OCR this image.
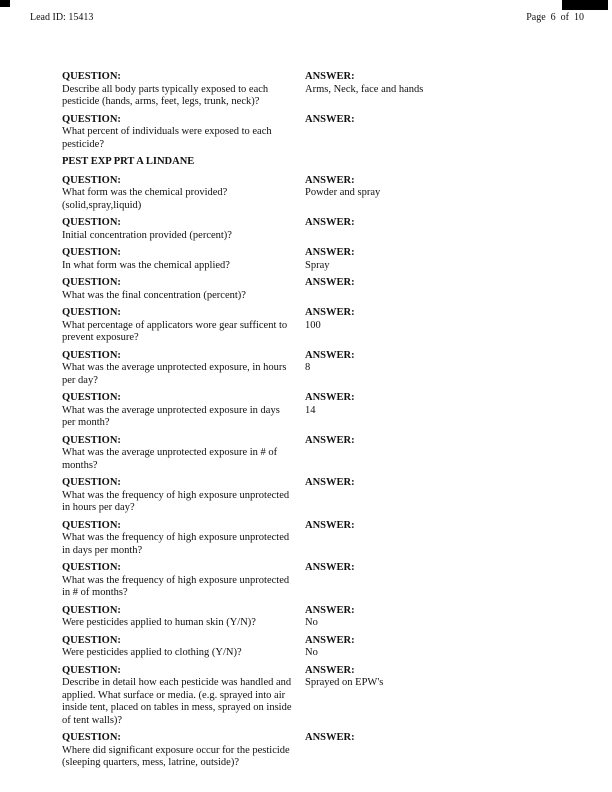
Lead ID: 15413	Page  6  of  10
QUESTION:
Describe all body parts typically exposed to each pesticide (hands, arms, feet, legs, trunk, neck)?
ANSWER:
Arms, Neck, face and hands
QUESTION:
What percent of individuals were exposed to each pesticide?
ANSWER:
PEST EXP PRT A LINDANE
QUESTION:
What form was the chemical provided?(solid,spray,liquid)
ANSWER:
Powder and spray
QUESTION:
Initial concentration provided (percent)?
ANSWER:
QUESTION:
In what form was the chemical applied?
ANSWER:
Spray
QUESTION:
What was the final concentration (percent)?
ANSWER:
QUESTION:
What percentage of applicators wore gear sufficent to prevent exposure?
ANSWER:
100
QUESTION:
What was the average unprotected exposure, in hours per day?
ANSWER:
8
QUESTION:
What was the average unprotected exposure in days per month?
ANSWER:
14
QUESTION:
What was the average unprotected exposure in # of months?
ANSWER:
QUESTION:
What was the frequency of high exposure unprotected in hours per day?
ANSWER:
QUESTION:
What was the frequency of high exposure unprotected in days per month?
ANSWER:
QUESTION:
What was the frequency of high exposure unprotected in # of months?
ANSWER:
QUESTION:
Were pesticides applied to human skin (Y/N)?
ANSWER:
No
QUESTION:
Were pesticides applied to clothing (Y/N)?
ANSWER:
No
QUESTION:
Describe in detail how each pesticide was handled and applied. What surface or media. (e.g. sprayed into air inside tent, placed on tables in mess, sprayed on inside of tent walls)?
ANSWER:
Sprayed on EPW's
QUESTION:
Where did significant exposure occur for the pesticide (sleeping quarters, mess, latrine, outside)?
ANSWER:
